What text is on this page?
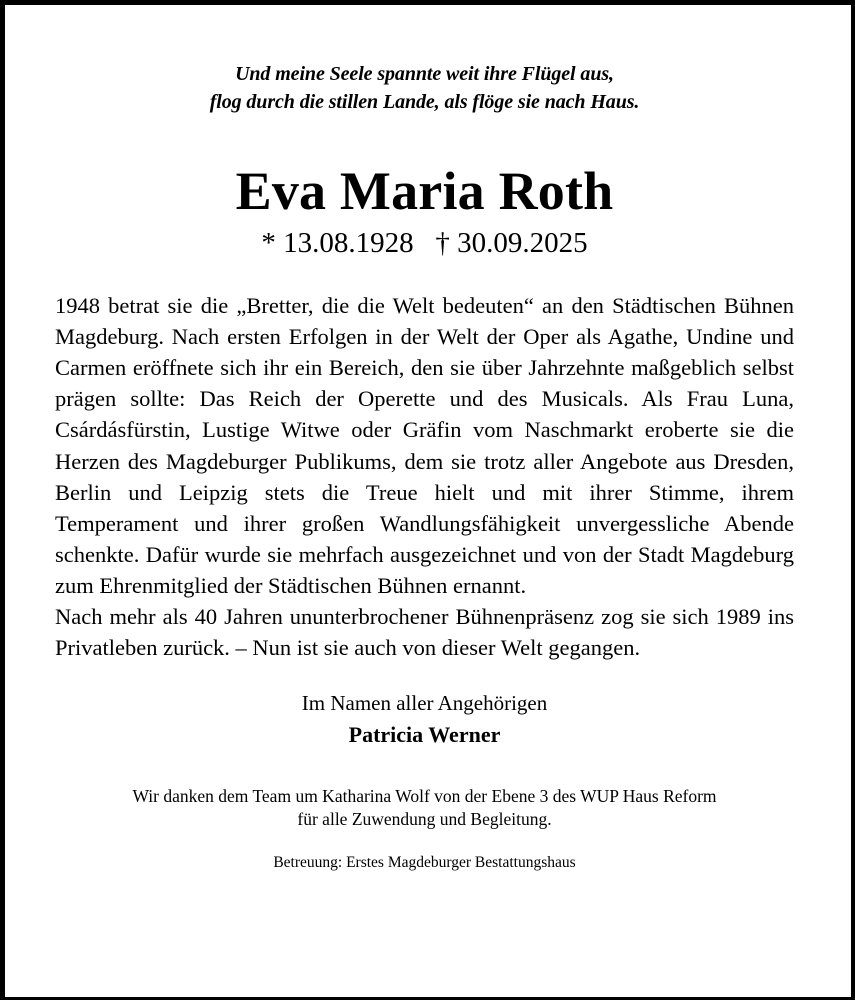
Und meine Seele spannte weit ihre Flügel aus,
flog durch die stillen Lande, als flöge sie nach Haus.
Eva Maria Roth
* 13.08.1928   † 30.09.2025

1948 betrat sie die „Bretter, die die Welt bedeuten“ an den Städtischen Bühnen Magdeburg. Nach ersten Erfolgen in der Welt der Oper als Agathe, Undine und Carmen eröffnete sich ihr ein Bereich, den sie über Jahrzehnte maßgeblich selbst prägen sollte: Das Reich der Operette und des Musicals. Als Frau Luna, Csárdásfürstin, Lustige Witwe oder Gräfin vom Naschmarkt eroberte sie die Herzen des Magdeburger Publikums, dem sie trotz aller Angebote aus Dresden, Berlin und Leipzig stets die Treue hielt und mit ihrer Stimme, ihrem Temperament und ihrer großen Wandlungsfähigkeit unvergessliche Abende schenkte. Dafür wurde sie mehrfach ausgezeichnet und von der Stadt Magdeburg zum Ehrenmitglied der Städtischen Bühnen ernannt.

Nach mehr als 40 Jahren ununterbrochener Bühnenpräsenz zog sie sich 1989 ins Privatleben zurück. – Nun ist sie auch von dieser Welt gegangen.

Im Namen aller Angehörigen
Patricia Werner
Wir danken dem Team um Katharina Wolf von der Ebene 3 des WUP Haus Reform
für alle Zuwendung und Begleitung.
Betreuung: Erstes Magdeburger Bestattungshaus
